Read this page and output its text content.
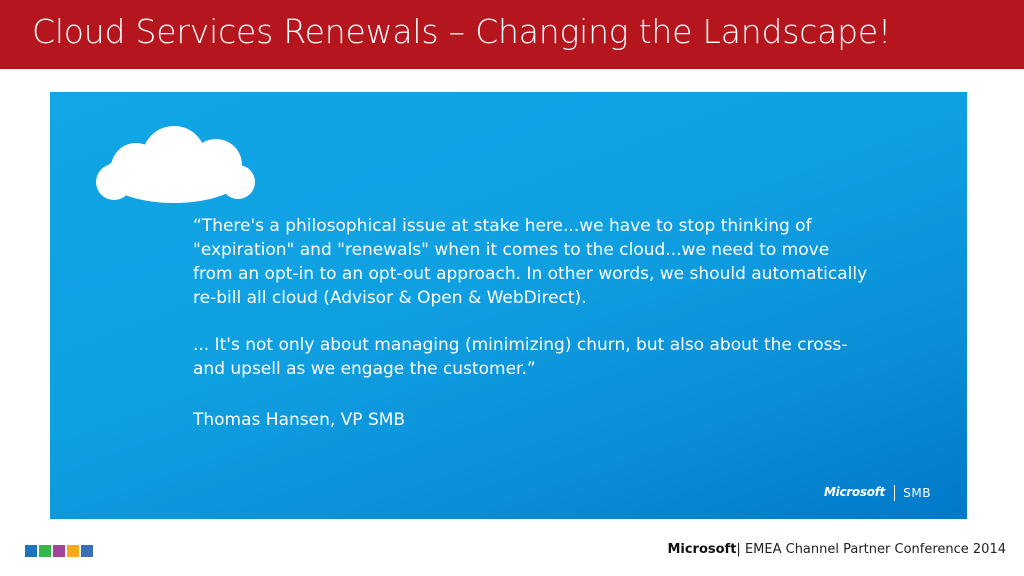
Cloud Services Renewals – Changing the Landscape!

“There's a philosophical issue at stake here...we have to stop thinking of "expiration" and "renewals" when it comes to the cloud...we need to move from an opt-in to an opt-out approach. In other words, we should automatically re-bill all cloud (Advisor & Open & WebDirect).

... It's not only about managing (minimizing) churn, but also about the cross- and upsell as we engage the customer.”
Thomas Hansen, VP SMB
Microsoft SMB
Microsoft| EMEA Channel Partner Conference 2014
